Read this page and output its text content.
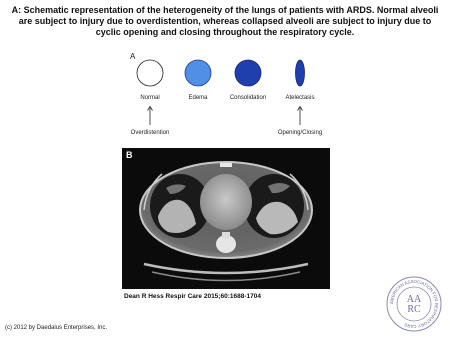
A: Schematic representation of the heterogeneity of the lungs of patients with ARDS. Normal alveoli are subject to injury due to overdistention, whereas collapsed alveoli are subject to injury due to cyclic opening and closing throughout the respiratory cycle.
A
Normal	Edema	Consolidation	Atelectasis
Overdistention	Opening/Closing
B
Dean R Hess Respir Care 2015;60:1688-1704
(c) 2012 by Daedalus Enterprises, Inc.
AMERICAN ASSOCIATION FOR RESPIRATORY CARE
AA
RC
